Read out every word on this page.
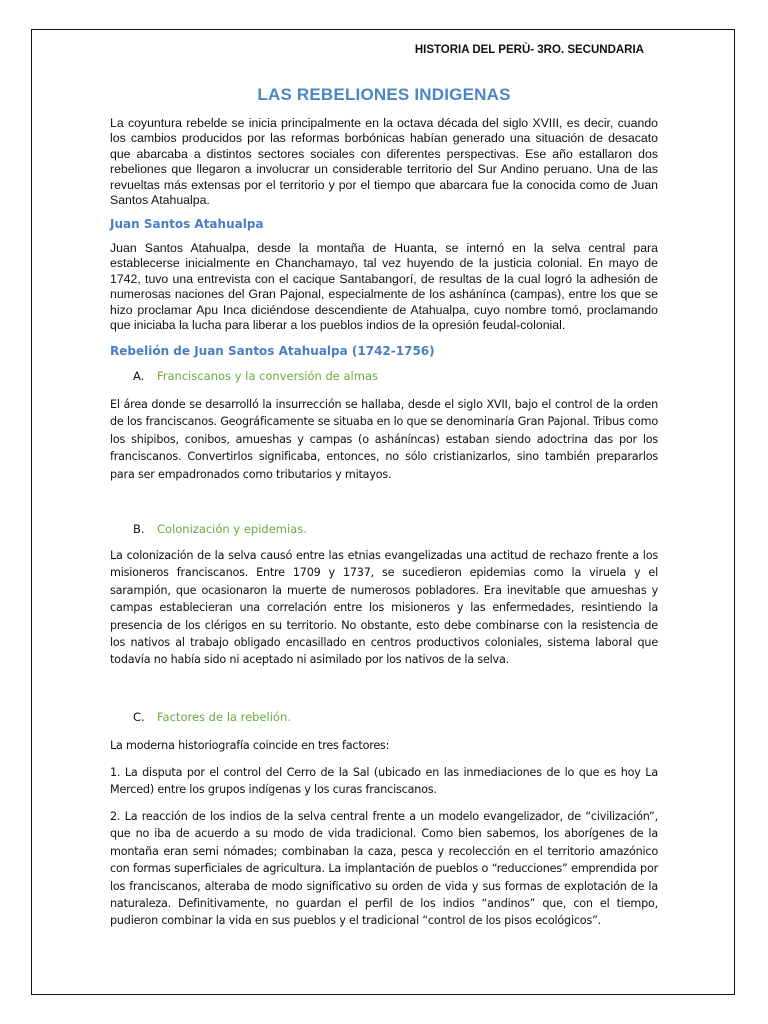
HISTORIA DEL PERÙ- 3RO. SECUNDARIA
LAS REBELIONES INDIGENAS

La coyuntura rebelde se inicia principalmente en la octava década del siglo XVIII, es decir, cuando los cambios producidos por las reformas borbónicas habían generado una situación de desacato que abarcaba a distintos sectores sociales con diferentes perspectivas. Ese año estallaron dos rebeliones que llegaron a involucrar un considerable territorio del Sur Andino peruano. Una de las revueltas más extensas por el territorio y por el tiempo que abarcara fue la conocida como de Juan Santos Atahualpa.

Juan Santos Atahualpa

Juan Santos Atahualpa, desde la montaña de Huanta, se internó en la selva central para establecerse inicialmente en Chanchamayo, tal vez huyendo de la justicia colonial. En mayo de 1742, tuvo una entrevista con el cacique Santabangorí, de resultas de la cual logró la adhesión de numerosas naciones del Gran Pajonal, especialmente de los ashánínca (campas), entre los que se hizo proclamar Apu Inca diciéndose descendiente de Atahualpa, cuyo nombre tomó, proclamando que iniciaba la lucha para liberar a los pueblos indios de la opresión feudal-colonial.

Rebelión de Juan Santos Atahualpa (1742-1756)

A. Franciscanos y la conversión de almas

El área donde se desarrolló la insurrección se hallaba, desde el siglo XVII, bajo el control de la orden de los franciscanos. Geográficamente se situaba en lo que se denominaría Gran Pajonal. Tribus como los shipibos, conibos, amueshas y campas (o asháníncas) estaban siendo adoctrina das por los franciscanos. Convertirlos significaba, entonces, no sólo cristianizarlos, sino también prepararlos para ser empadronados como tributarios y mitayos.

B. Colonización y epidemias.

La colonización de la selva causó entre las etnias evangelizadas una actitud de rechazo frente a los misioneros franciscanos. Entre 1709 y 1737, se sucedieron epidemias como la viruela y el sarampión, que ocasionaron la muerte de numerosos pobladores. Era inevitable que amueshas y campas establecieran una correlación entre los misioneros y las enfermedades, resintiendo la presencia de los clérigos en su territorio. No obstante, esto debe combinarse con la resistencia de los nativos al trabajo obligado encasillado en centros productivos coloniales, sistema laboral que todavía no había sido ni aceptado ni asimilado por los nativos de la selva.

C. Factores de la rebelión.

La moderna historiografía coincide en tres factores:

1. La disputa por el control del Cerro de la Sal (ubicado en las inmediaciones de lo que es hoy La Merced) entre los grupos indígenas y los curas franciscanos.

2. La reacción de los indios de la selva central frente a un modelo evangelizador, de “civilización”, que no iba de acuerdo a su modo de vida tradicional. Como bien sabemos, los aborígenes de la montaña eran semi nómades; combinaban la caza, pesca y recolección en el territorio amazónico con formas superficiales de agricultura. La implantación de pueblos o “reducciones” emprendida por los franciscanos, alteraba de modo significativo su orden de vida y sus formas de explotación de la naturaleza. Definitivamente, no guardan el perfil de los indios “andinos” que, con el tiempo, pudieron combinar la vida en sus pueblos y el tradicional “control de los pisos ecológicos”.
